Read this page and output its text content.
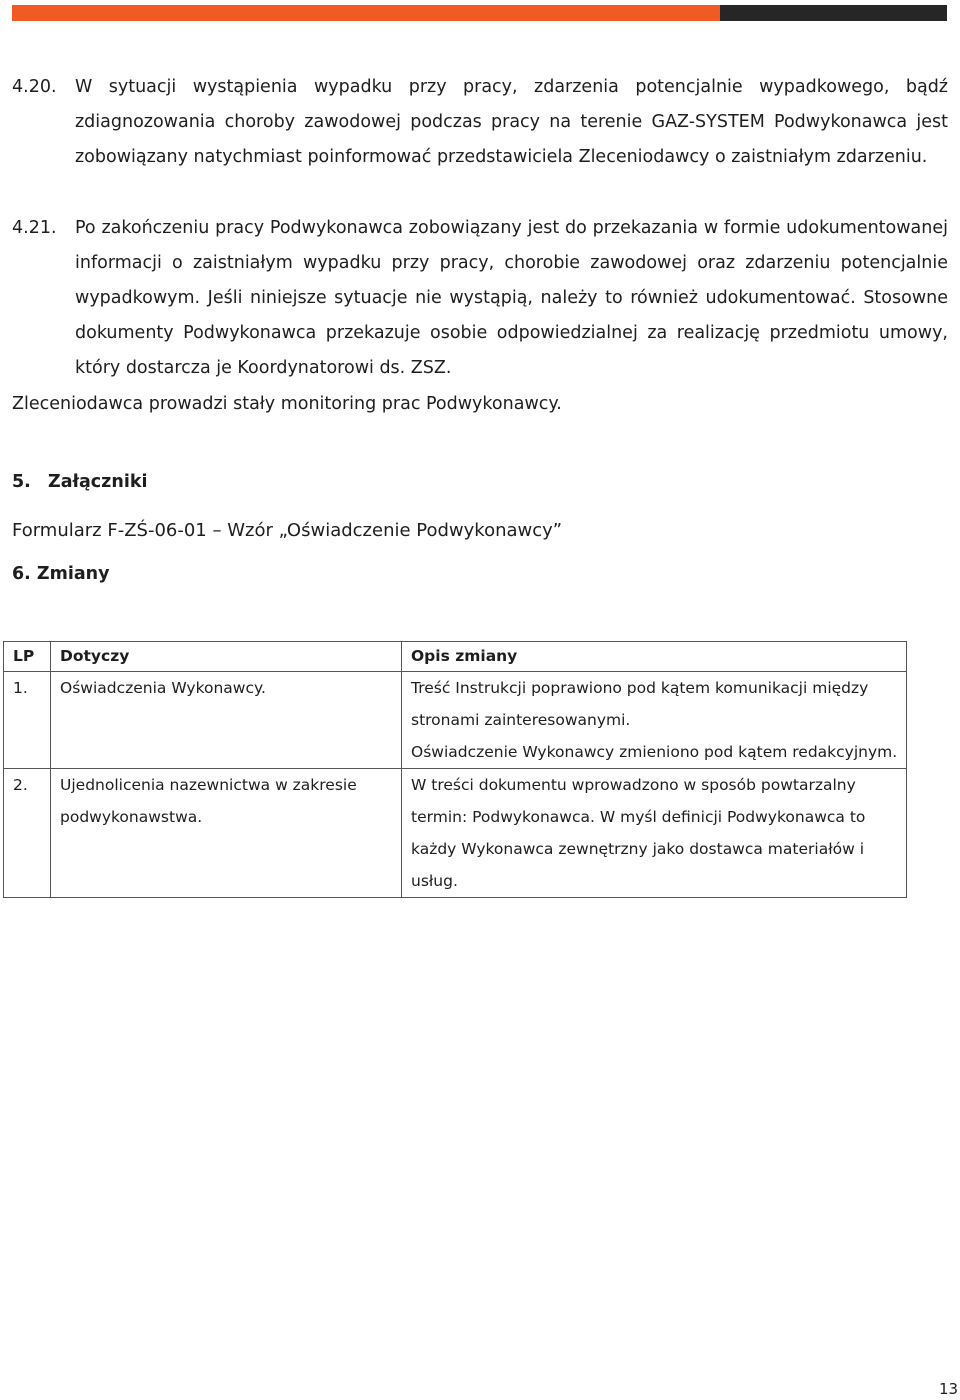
4.20. W sytuacji wystąpienia wypadku przy pracy, zdarzenia potencjalnie wypadkowego, bądź zdiagnozowania choroby zawodowej podczas pracy na terenie GAZ-SYSTEM Podwykonawca jest zobowiązany natychmiast poinformować przedstawiciela Zleceniodawcy o zaistniałym zdarzeniu.
4.21. Po zakończeniu pracy Podwykonawca zobowiązany jest do przekazania w formie udokumentowanej informacji o zaistniałym wypadku przy pracy, chorobie zawodowej oraz zdarzeniu potencjalnie wypadkowym. Jeśli niniejsze sytuacje nie wystąpią, należy to również udokumentować. Stosowne dokumenty Podwykonawca przekazuje osobie odpowiedzialnej za realizację przedmiotu umowy, który dostarcza je Koordynatorowi ds. ZSZ.
Zleceniodawca prowadzi stały monitoring prac Podwykonawcy.
5. Załączniki
Formularz F-ZŚ-06-01 – Wzór „Oświadczenie Podwykonawcy”
6. Zmiany
LP	Dotyczy	Opis zmiany
1.	Oświadczenia Wykonawcy.	Treść Instrukcji poprawiono pod kątem komunikacji między stronami zainteresowanymi.
Oświadczenie Wykonawcy zmieniono pod kątem redakcyjnym.

2.	Ujednolicenia nazewnictwa w zakresie podwykonawstwa.	W treści dokumentu wprowadzono w sposób powtarzalny termin: Podwykonawca. W myśl definicji Podwykonawca to każdy Wykonawca zewnętrzny jako dostawca materiałów i usług.
13
